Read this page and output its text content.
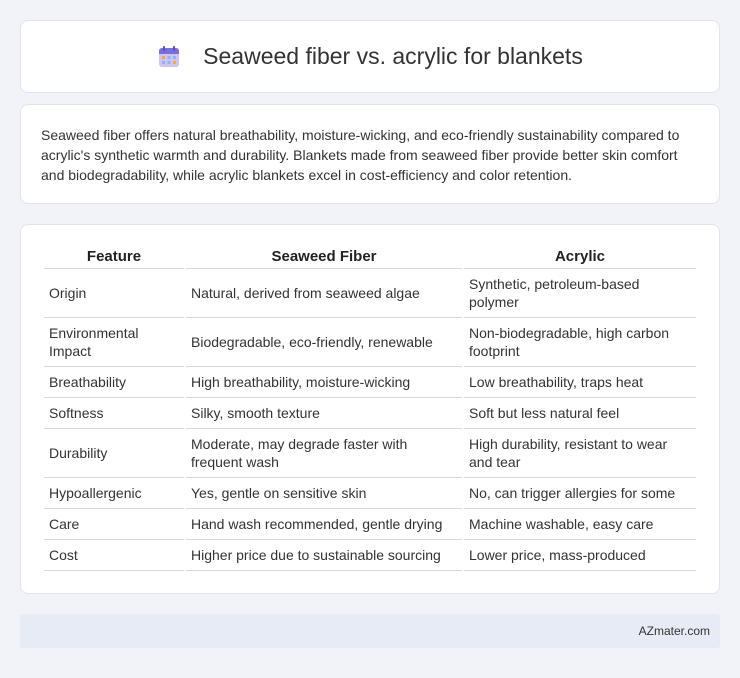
Seaweed fiber vs. acrylic for blankets

Seaweed fiber offers natural breathability, moisture-wicking, and eco-friendly sustainability compared to acrylic's synthetic warmth and durability. Blankets made from seaweed fiber provide better skin comfort and biodegradability, while acrylic blankets excel in cost-efficiency and color retention.

Feature	Seaweed Fiber	Acrylic
Origin	Natural, derived from seaweed algae	Synthetic, petroleum-based polymer
Environmental Impact	Biodegradable, eco-friendly, renewable	Non-biodegradable, high carbon footprint
Breathability	High breathability, moisture-wicking	Low breathability, traps heat
Softness	Silky, smooth texture	Soft but less natural feel
Durability	Moderate, may degrade faster with frequent wash	High durability, resistant to wear and tear
Hypoallergenic	Yes, gentle on sensitive skin	No, can trigger allergies for some
Care	Hand wash recommended, gentle drying	Machine washable, easy care
Cost	Higher price due to sustainable sourcing	Lower price, mass-produced
AZmater.com
